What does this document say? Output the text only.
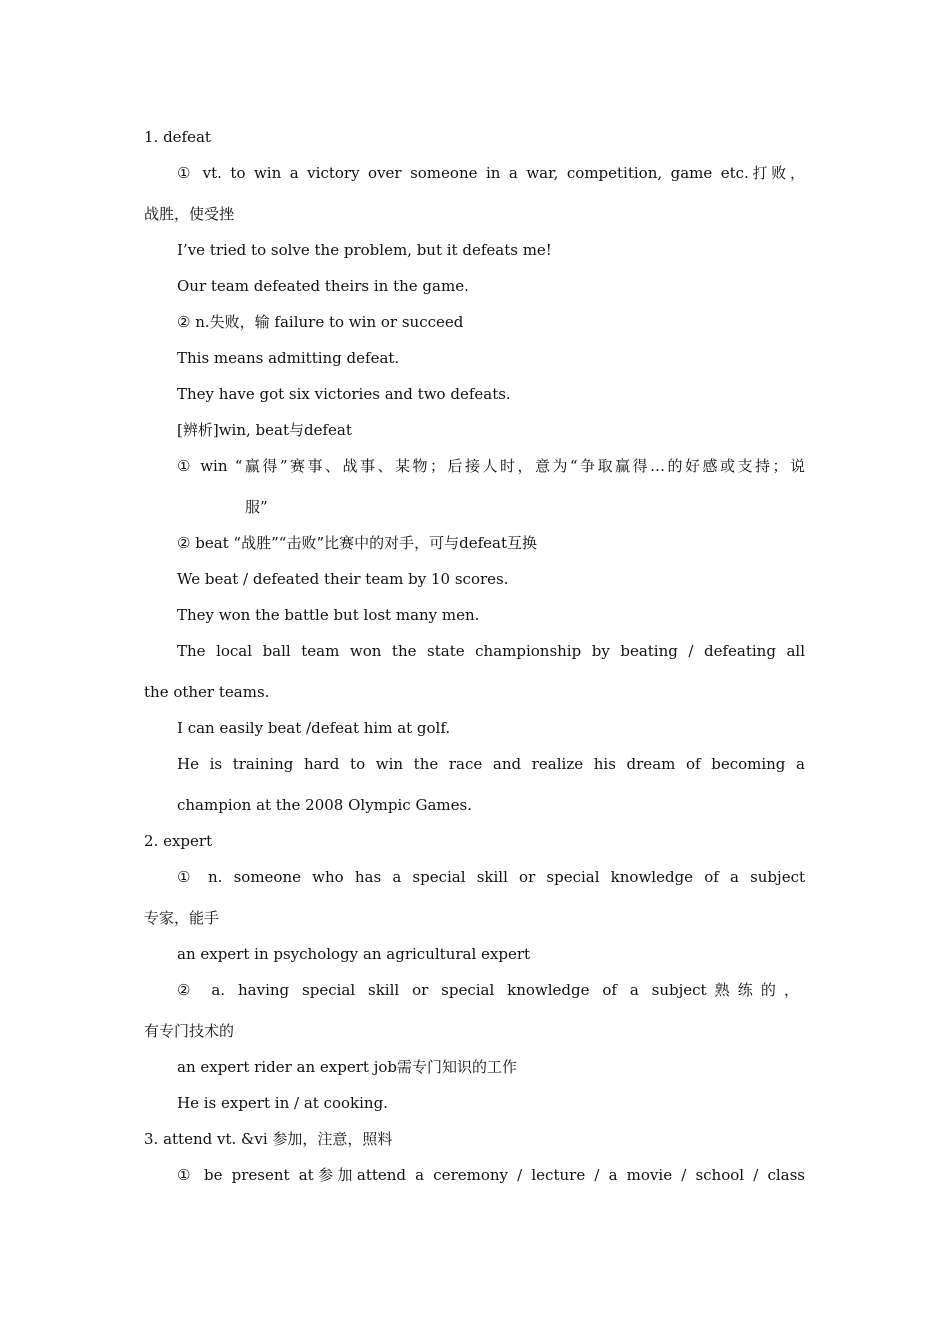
1. defeat
① vt. to win a victory over someone in a war, competition, game etc.打败，
战胜，使受挫
I’ve tried to solve the problem, but it defeats me!
Our team defeated theirs in the game.
② n.失败，输 failure to win or succeed
This means admitting defeat.
They have got six victories and two defeats.
[辨析]win, beat与defeat
① win “赢得”赛事、战事、某物；后接人时，意为“争取赢得…的好感或支持；说
服”
② beat “战胜”“击败”比赛中的对手，可与defeat互换
We beat / defeated their team by 10 scores.
They won the battle but lost many men.
The local ball team won the state championship by beating / defeating all
the other teams.
I can easily beat /defeat him at golf.
He is training hard to win the race and realize his dream of becoming a
champion at the 2008 Olympic Games.
2. expert
① n. someone who has a special skill or special knowledge of a subject
专家，能手
an expert in psychology an agricultural expert
② a. having special skill or special knowledge of a subject熟练的，
有专门技术的
an expert rider an expert job需专门知识的工作
He is expert in / at cooking.
3. attend vt. &vi 参加，注意，照料
① be present at参加attend a ceremony / lecture / a movie / school / class
